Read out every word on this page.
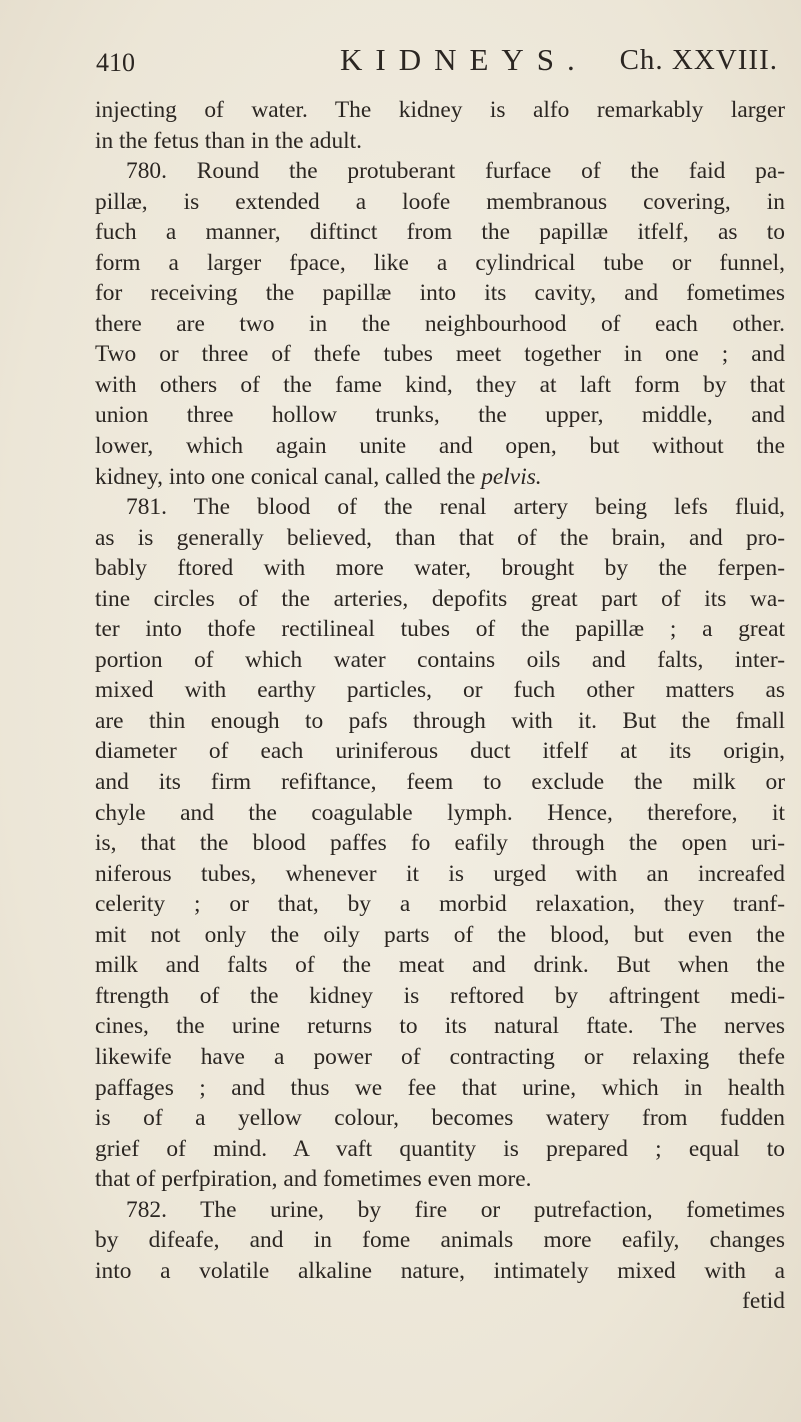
410	KIDNEYS. Ch. XXVIII.
injecting of water. The kidney is alfo remarkably larger
in the fetus than in the adult.
780. Round the protuberant furface of the faid pa-
pillæ, is extended a loofe membranous covering, in
fuch a manner, diftinct from the papillæ itfelf, as to
form a larger fpace, like a cylindrical tube or funnel,
for receiving the papillæ into its cavity, and fometimes
there are two in the neighbourhood of each other.
Two or three of thefe tubes meet together in one ; and
with others of the fame kind, they at laft form by that
union three hollow trunks, the upper, middle, and
lower, which again unite and open, but without the
kidney, into one conical canal, called the pelvis.
781. The blood of the renal artery being lefs fluid,
as is generally believed, than that of the brain, and pro-
bably ftored with more water, brought by the ferpen-
tine circles of the arteries, depofits great part of its wa-
ter into thofe rectilineal tubes of the papillæ ; a great
portion of which water contains oils and falts, inter-
mixed with earthy particles, or fuch other matters as
are thin enough to pafs through with it. But the fmall
diameter of each uriniferous duct itfelf at its origin,
and its firm refiftance, feem to exclude the milk or
chyle and the coagulable lymph. Hence, therefore, it
is, that the blood paffes fo eafily through the open uri-
niferous tubes, whenever it is urged with an increafed
celerity ; or that, by a morbid relaxation, they tranf-
mit not only the oily parts of the blood, but even the
milk and falts of the meat and drink. But when the
ftrength of the kidney is reftored by aftringent medi-
cines, the urine returns to its natural ftate. The nerves
likewife have a power of contracting or relaxing thefe
paffages ; and thus we fee that urine, which in health
is of a yellow colour, becomes watery from fudden
grief of mind. A vaft quantity is prepared ; equal to
that of perfpiration, and fometimes even more.
782. The urine, by fire or putrefaction, fometimes
by difeafe, and in fome animals more eafily, changes
into a volatile alkaline nature, intimately mixed with a
fetid
